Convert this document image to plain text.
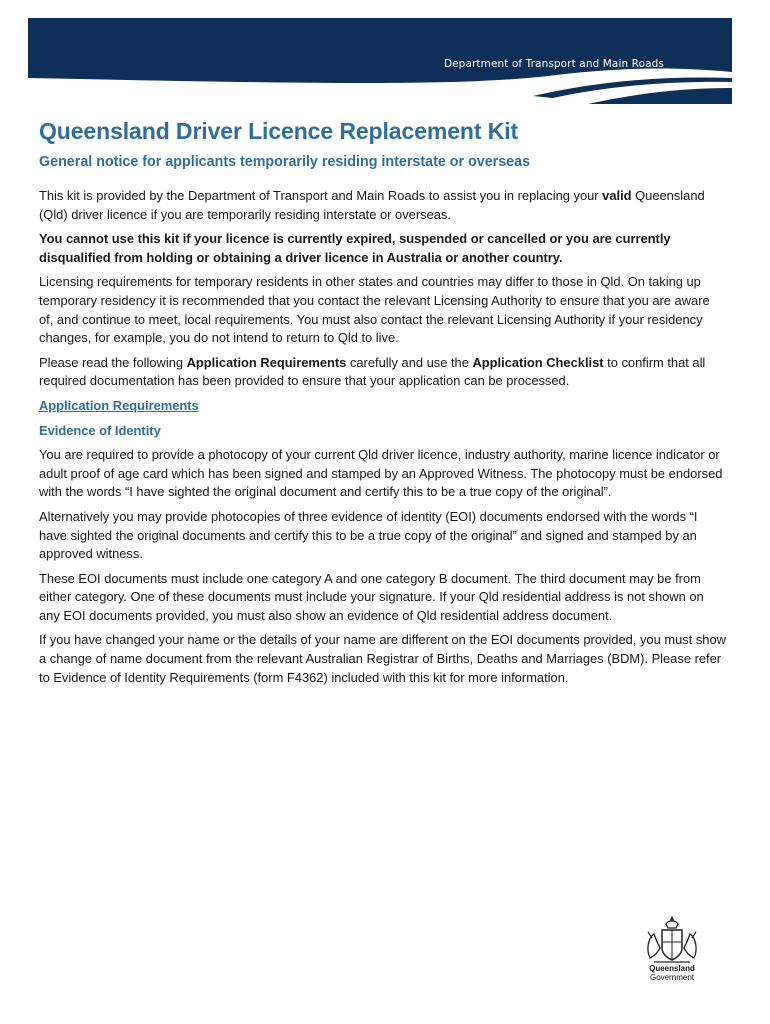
Department of Transport and Main Roads
Queensland Driver Licence Replacement Kit
General notice for applicants temporarily residing interstate or overseas

This kit is provided by the Department of Transport and Main Roads to assist you in replacing your valid Queensland (Qld) driver licence if you are temporarily residing interstate or overseas.

You cannot use this kit if your licence is currently expired, suspended or cancelled or you are currently disqualified from holding or obtaining a driver licence in Australia or another country.

Licensing requirements for temporary residents in other states and countries may differ to those in Qld. On taking up temporary residency it is recommended that you contact the relevant Licensing Authority to ensure that you are aware of, and continue to meet, local requirements. You must also contact the relevant Licensing Authority if your residency changes, for example, you do not intend to return to Qld to live.

Please read the following Application Requirements carefully and use the Application Checklist to confirm that all required documentation has been provided to ensure that your application can be processed.

Application Requirements
Evidence of Identity

You are required to provide a photocopy of your current Qld driver licence, industry authority, marine licence indicator or adult proof of age card which has been signed and stamped by an Approved Witness. The photocopy must be endorsed with the words “I have sighted the original document and certify this to be a true copy of the original”.

Alternatively you may provide photocopies of three evidence of identity (EOI) documents endorsed with the words “I have sighted the original documents and certify this to be a true copy of the original” and signed and stamped by an approved witness.

These EOI documents must include one category A and one category B document. The third document may be from either category. One of these documents must include your signature. If your Qld residential address is not shown on any EOI documents provided, you must also show an evidence of Qld residential address document.

If you have changed your name or the details of your name are different on the EOI documents provided, you must show a change of name document from the relevant Australian Registrar of Births, Deaths and Marriages (BDM). Please refer to Evidence of Identity Requirements (form F4362) included with this kit for more information.

Queensland
Government
